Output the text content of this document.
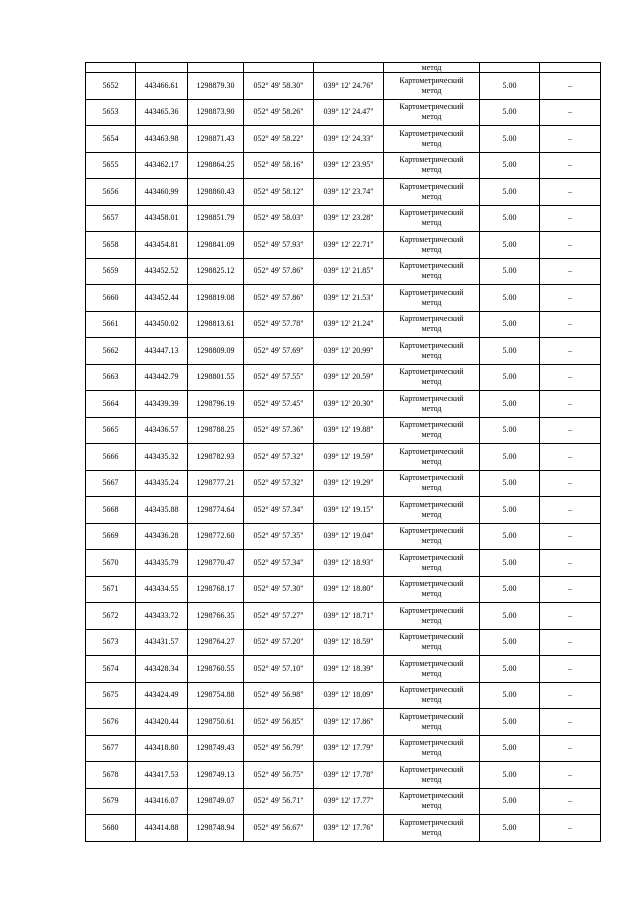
					метод		
5652	443466.61	1298879.30	052° 49' 58.30"	039° 12' 24.76"	Картометрический
метод	5.00	–
5653	443465.36	1298873.90	052° 49' 58.26"	039° 12' 24.47"	Картометрический
метод	5.00	–
5654	443463.98	1298871.43	052° 49' 58.22"	039° 12' 24.33"	Картометрический
метод	5.00	–
5655	443462.17	1298864.25	052° 49' 58.16"	039° 12' 23.95"	Картометрический
метод	5.00	–
5656	443460.99	1298860.43	052° 49' 58.12"	039° 12' 23.74"	Картометрический
метод	5.00	–
5657	443458.01	1298851.79	052° 49' 58.03"	039° 12' 23.28"	Картометрический
метод	5.00	–
5658	443454.81	1298841.09	052° 49' 57.93"	039° 12' 22.71"	Картометрический
метод	5.00	–
5659	443452.52	1298825.12	052° 49' 57.86"	039° 12' 21.85"	Картометрический
метод	5.00	–
5660	443452.44	1298819.08	052° 49' 57.86"	039° 12' 21.53"	Картометрический
метод	5.00	–
5661	443450.02	1298813.61	052° 49' 57.78"	039° 12' 21.24"	Картометрический
метод	5.00	–
5662	443447.13	1298809.09	052° 49' 57.69"	039° 12' 20.99"	Картометрический
метод	5.00	–
5663	443442.79	1298801.55	052° 49' 57.55"	039° 12' 20.59"	Картометрический
метод	5.00	–
5664	443439.39	1298796.19	052° 49' 57.45"	039° 12' 20.30"	Картометрический
метод	5.00	–
5665	443436.57	1298788.25	052° 49' 57.36"	039° 12' 19.88"	Картометрический
метод	5.00	–
5666	443435.32	1298782.93	052° 49' 57.32"	039° 12' 19.59"	Картометрический
метод	5.00	–
5667	443435.24	1298777.21	052° 49' 57.32"	039° 12' 19.29"	Картометрический
метод	5.00	–
5668	443435.88	1298774.64	052° 49' 57.34"	039° 12' 19.15"	Картометрический
метод	5.00	–
5669	443436.28	1298772.60	052° 49' 57.35"	039° 12' 19.04"	Картометрический
метод	5.00	–
5670	443435.79	1298770.47	052° 49' 57.34"	039° 12' 18.93"	Картометрический
метод	5.00	–
5671	443434.55	1298768.17	052° 49' 57.30"	039° 12' 18.80"	Картометрический
метод	5.00	–
5672	443433.72	1298766.35	052° 49' 57.27"	039° 12' 18.71"	Картометрический
метод	5.00	–
5673	443431.57	1298764.27	052° 49' 57.20"	039° 12' 18.59"	Картометрический
метод	5.00	–
5674	443428.34	1298760.55	052° 49' 57.10"	039° 12' 18.39"	Картометрический
метод	5.00	–
5675	443424.49	1298754.88	052° 49' 56.98"	039° 12' 18.09"	Картометрический
метод	5.00	–
5676	443420.44	1298750.61	052° 49' 56.85"	039° 12' 17.86"	Картометрический
метод	5.00	–
5677	443418.80	1298749.43	052° 49' 56.79"	039° 12' 17.79"	Картометрический
метод	5.00	–
5678	443417.53	1298749.13	052° 49' 56.75"	039° 12' 17.78"	Картометрический
метод	5.00	–
5679	443416.07	1298749.07	052° 49' 56.71"	039° 12' 17.77"	Картометрический
метод	5.00	–
5680	443414.88	1298748.94	052° 49' 56.67"	039° 12' 17.76"	Картометрический
метод	5.00	–
